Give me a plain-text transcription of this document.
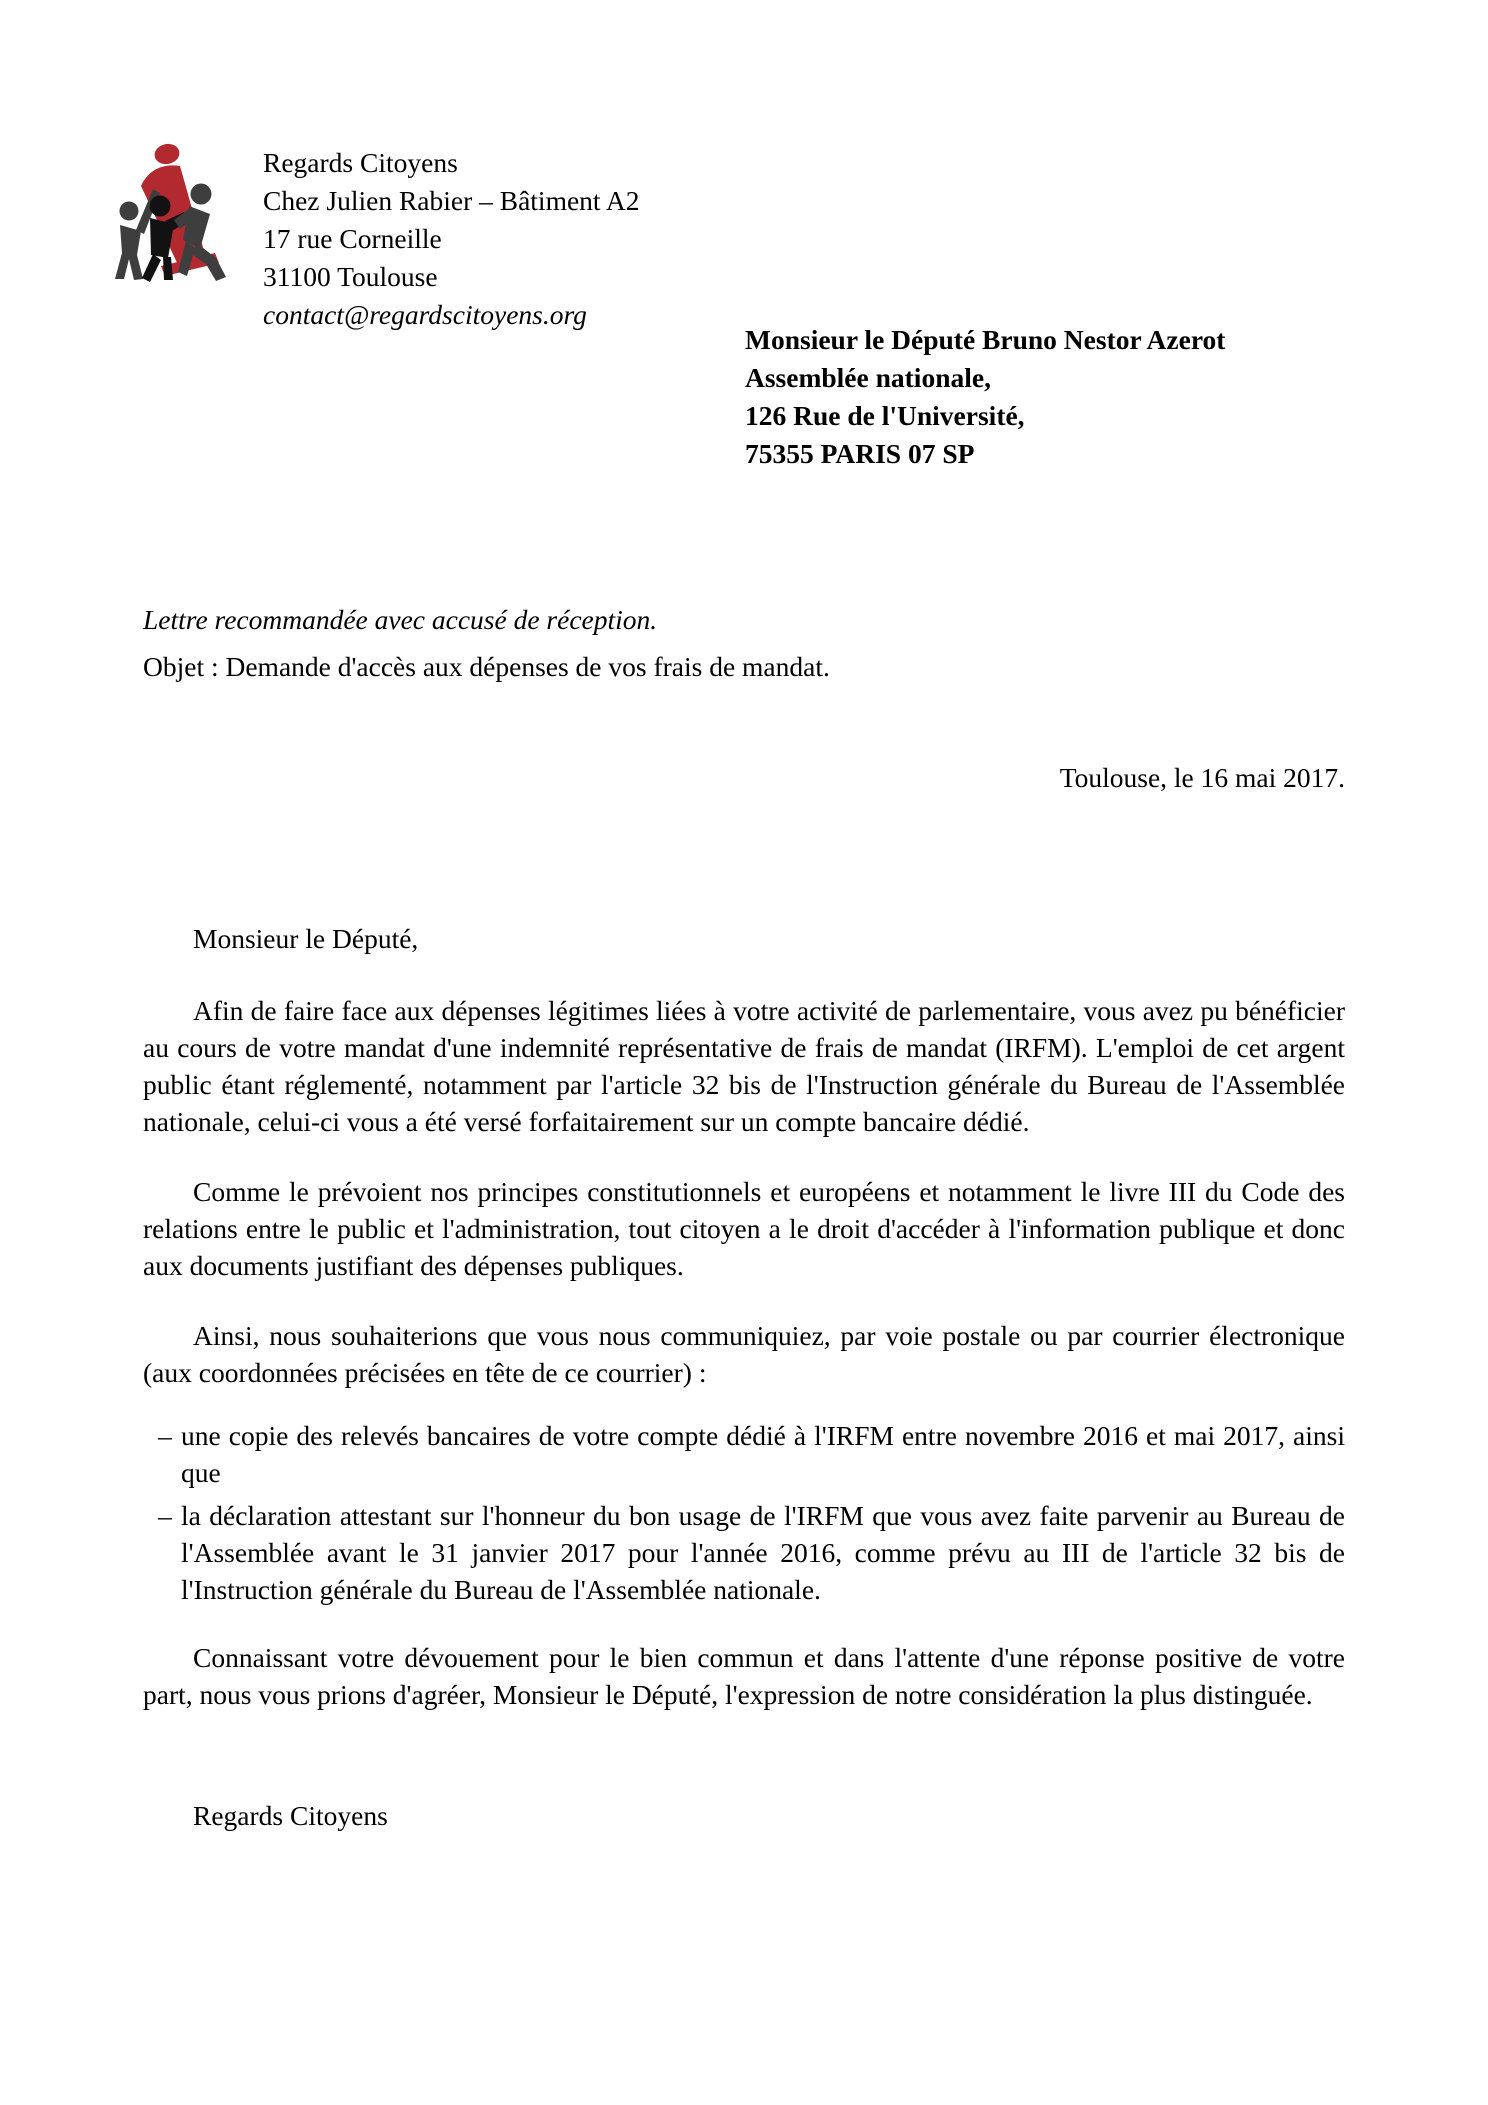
Regards Citoyens
Chez Julien Rabier – Bâtiment A2
17 rue Corneille
31100 Toulouse
contact@regardscitoyens.org
Monsieur le Député Bruno Nestor Azerot
Assemblée nationale,
126 Rue de l'Université,
75355 PARIS 07 SP
Lettre recommandée avec accusé de réception.
Objet : Demande d'accès aux dépenses de vos frais de mandat.
Toulouse, le 16 mai 2017.

Monsieur le Député,

Afin de faire face aux dépenses légitimes liées à votre activité de parlementaire, vous avez pu bénéficier au cours de votre mandat d'une indemnité représentative de frais de mandat (IRFM). L'emploi de cet argent public étant réglementé, notamment par l'article 32 bis de l'Instruction générale du Bureau de l'Assemblée nationale, celui-ci vous a été versé forfaitairement sur un compte bancaire dédié.

Comme le prévoient nos principes constitutionnels et européens et notamment le livre III du Code des relations entre le public et l'administration, tout citoyen a le droit d'accéder à l'information publique et donc aux documents justifiant des dépenses publiques.

Ainsi, nous souhaiterions que vous nous communiquiez, par voie postale ou par courrier électronique (aux coordonnées précisées en tête de ce courrier) :

– une copie des relevés bancaires de votre compte dédié à l'IRFM entre novembre 2016 et mai 2017, ainsi que
– la déclaration attestant sur l'honneur du bon usage de l'IRFM que vous avez faite parvenir au Bureau de l'Assemblée avant le 31 janvier 2017 pour l'année 2016, comme prévu au III de l'article 32 bis de l'Instruction générale du Bureau de l'Assemblée nationale.

Connaissant votre dévouement pour le bien commun et dans l'attente d'une réponse positive de votre part, nous vous prions d'agréer, Monsieur le Député, l'expression de notre considération la plus distinguée.

Regards Citoyens
